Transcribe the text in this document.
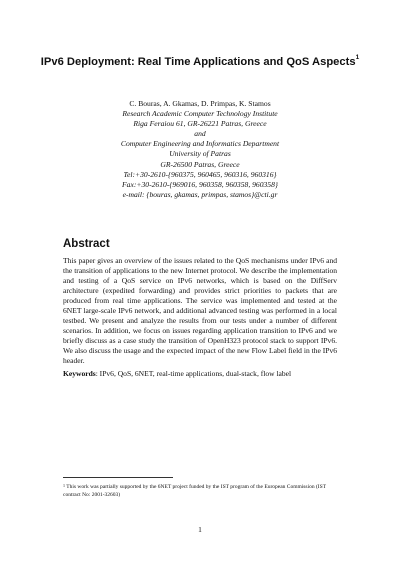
IPv6 Deployment: Real Time Applications and QoS Aspects$^1$
C. Bouras, A. Gkamas, D. Primpas, K. Stamos
Research Academic Computer Technology Institute
Riga Feraiou 61, GR-26221 Patras, Greece
and
Computer Engineering and Informatics Department
University of Patras
GR-26500 Patras, Greece
Tel:+30-2610-{960375, 960465, 960316, 960316}
Fax:+30-2610-{969016, 960358, 960358, 960358}
e-mail: {bouras, gkamas, primpas, stamos}@cti.gr
Abstract
This paper gives an overview of the issues related to the QoS mechanisms under IPv6 and the transition of applications to the new Internet protocol. We describe the implementation and testing of a QoS service on IPv6 networks, which is based on the DiffServ architecture (expedited forwarding) and provides strict priorities to packets that are produced from real time applications. The service was implemented and tested at the 6NET large-scale IPv6 network, and additional advanced testing was performed in a local testbed. We present and analyze the results from our tests under a number of different scenarios. In addition, we focus on issues regarding application transition to IPv6 and we briefly discuss as a case study the transition of OpenH323 protocol stack to support IPv6. We also discuss the usage and the expected impact of the new Flow Label field in the IPv6 header.
Keywords: IPv6, QoS, 6NET, real-time applications, dual-stack, flow label
$^1$ This work was partially supported by the 6NET project funded by the IST program of the European Commission (IST contract No: 2001-32603)
1
